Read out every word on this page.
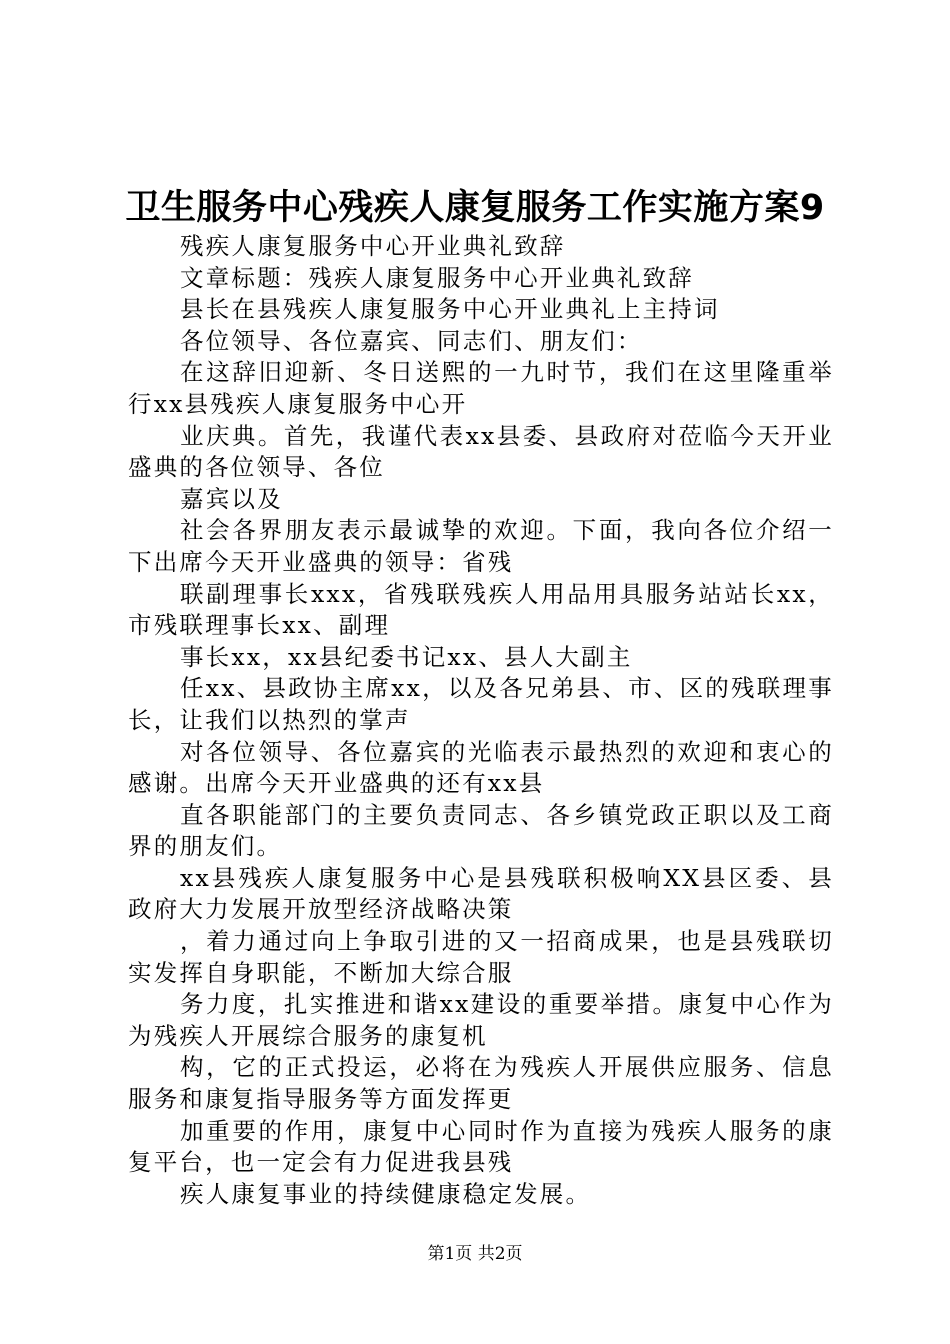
卫生服务中心残疾人康复服务工作实施方案9

残疾人康复服务中心开业典礼致辞

文章标题：残疾人康复服务中心开业典礼致辞

县长在县残疾人康复服务中心开业典礼上主持词

各位领导、各位嘉宾、同志们、朋友们：

在这辞旧迎新、冬日送熙的一九时节，我们在这里隆重举行xx县残疾人康复服务中心开

业庆典。首先，我谨代表xx县委、县政府对莅临今天开业盛典的各位领导、各位

嘉宾以及

社会各界朋友表示最诚挚的欢迎。下面，我向各位介绍一下出席今天开业盛典的领导：省残

联副理事长xxx，省残联残疾人用品用具服务站站长xx，市残联理事长xx、副理

事长xx，xx县纪委书记xx、县人大副主

任xx、县政协主席xx，以及各兄弟县、市、区的残联理事长，让我们以热烈的掌声

对各位领导、各位嘉宾的光临表示最热烈的欢迎和衷心的感谢。出席今天开业盛典的还有xx县

直各职能部门的主要负责同志、各乡镇党政正职以及工商界的朋友们。

xx县残疾人康复服务中心是县残联积极响XX县区委、县政府大力发展开放型经济战略决策

，着力通过向上争取引进的又一招商成果，也是县残联切实发挥自身职能，不断加大综合服

务力度，扎实推进和谐xx建设的重要举措。康复中心作为为残疾人开展综合服务的康复机

构，它的正式投运，必将在为残疾人开展供应服务、信息服务和康复指导服务等方面发挥更

加重要的作用，康复中心同时作为直接为残疾人服务的康复平台，也一定会有力促进我县残

疾人康复事业的持续健康稳定发展。

第1页 共2页
